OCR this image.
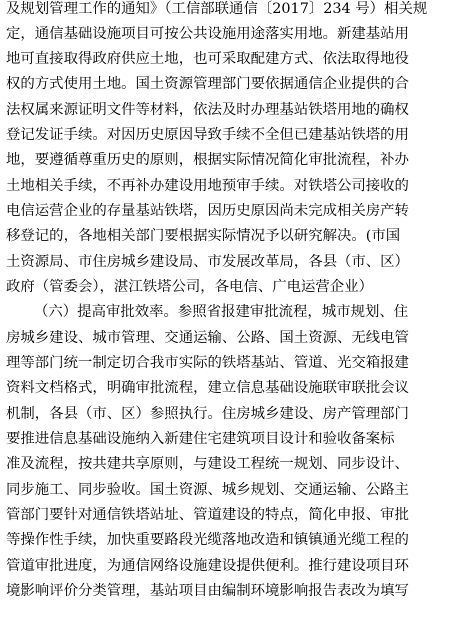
及规划管理工作的通知》（工信部联通信〔2017〕234 号）相关规
定，通信基础设施项目可按公共设施用途落实用地。新建基站用
地可直接取得政府供应土地，也可采取配建方式、依法取得地役
权的方式使用土地。国土资源管理部门要依据通信企业提供的合
法权属来源证明文件等材料，依法及时办理基站铁塔用地的确权
登记发证手续。对因历史原因导致手续不全但已建基站铁塔的用
地，要遵循尊重历史的原则，根据实际情况简化审批流程，补办
土地相关手续，不再补办建设用地预审手续。对铁塔公司接收的
电信运营企业的存量基站铁塔，因历史原因尚未完成相关房产转
移登记的，各地相关部门要根据实际情况予以研究解决。(市国
土资源局、市住房城乡建设局、市发展改革局，各县（市、区）
政府（管委会），湛江铁塔公司，各电信、广电运营企业）
（六）提高审批效率。参照省报建审批流程，城市规划、住
房城乡建设、城市管理、交通运输、公路、国土资源、无线电管
理等部门统一制定切合我市实际的铁塔基站、管道、光交箱报建
资料文档格式，明确审批流程，建立信息基础设施联审联批会议
机制，各县（市、区）参照执行。住房城乡建设、房产管理部门
要推进信息基础设施纳入新建住宅建筑项目设计和验收备案标
准及流程，按共建共享原则，与建设工程统一规划、同步设计、
同步施工、同步验收。国土资源、城乡规划、交通运输、公路主
管部门要针对通信铁塔站址、管道建设的特点，简化申报、审批
等操作性手续，加快重要路段光缆落地改造和镇镇通光缆工程的
管道审批进度，为通信网络设施建设提供便利。推行建设项目环
境影响评价分类管理，基站项目由编制环境影响报告表改为填写
